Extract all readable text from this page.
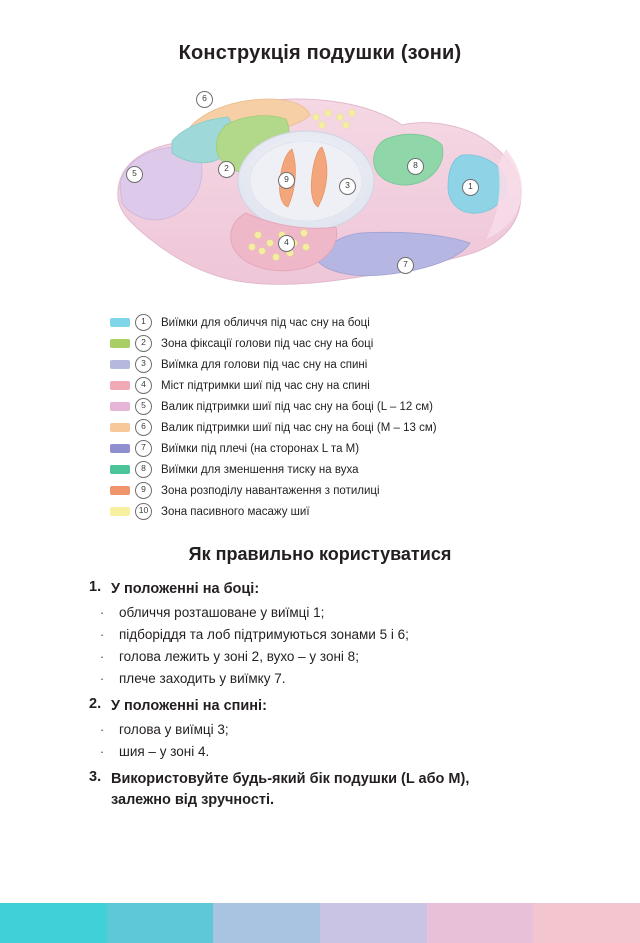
Конструкція подушки (зони)
6
5	2
9
3
8
1
4
7
1	Виїмки для обличчя під час сну на боці
2	Зона фіксації голови під час сну на боці
3	Виїмка для голови під час сну на спині
4	Міст підтримки шиї під час сну на спині
5	Валик підтримки шиї під час сну на боці (L – 12 см)
6	Валик підтримки шиї під час сну на боці (M – 13 см)
7	Виїмки під плечі (на сторонах L та M)
8	Виїмки для зменшення тиску на вуха
9	Зона розподілу навантаження з потилиці
10	Зона пасивного масажу шиї
Як правильно користуватися
1. У положенні на боці:
·	обличчя розташоване у виїмці 1;
·	підборіддя та лоб підтримуються зонами 5 і 6;
·	голова лежить у зоні 2, вухо – у зоні 8;
·	плече заходить у виїмку 7.
2. У положенні на спині:
·	голова у виїмці 3;
·	шия – у зоні 4.
3. Використовуйте будь-який бік подушки (L або M), залежно від зручності.
